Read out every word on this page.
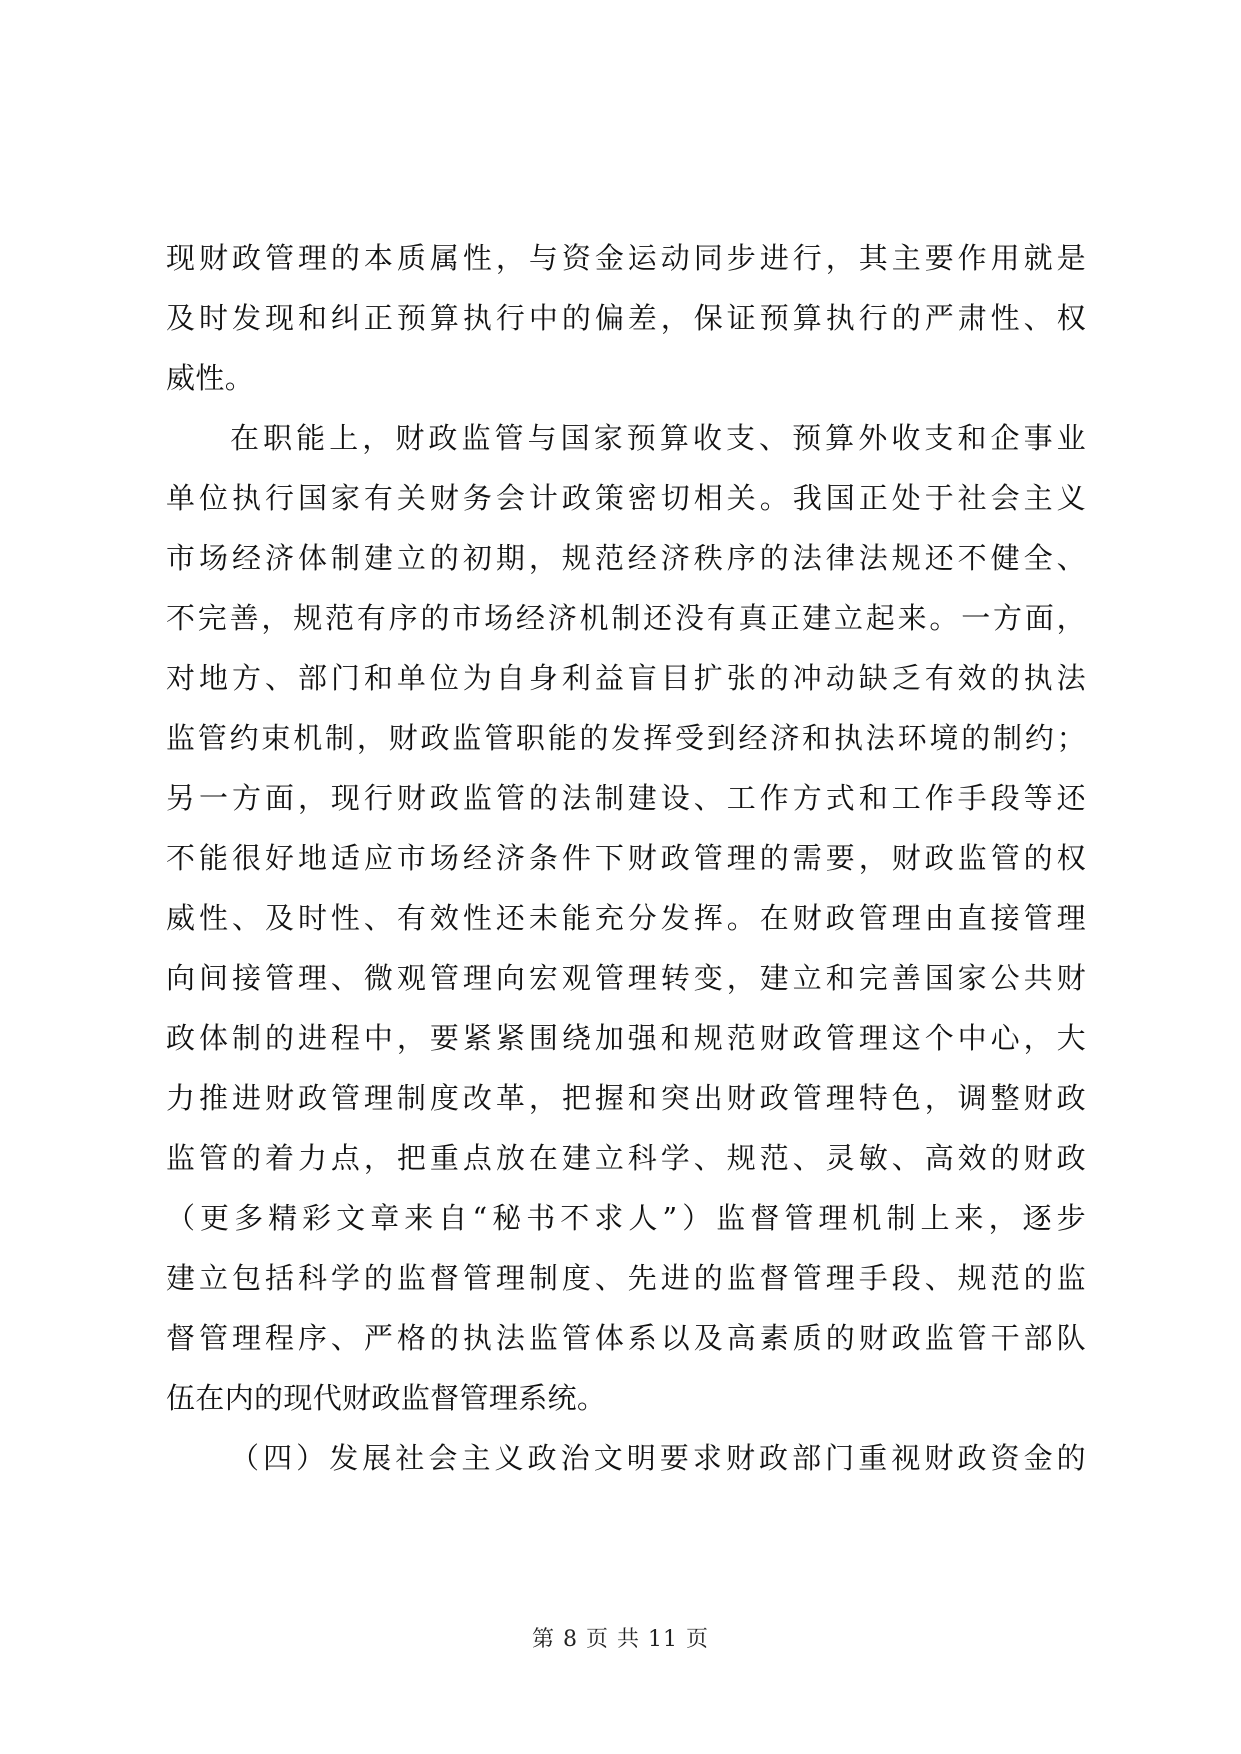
现财政管理的本质属性，与资金运动同步进行，其主要作用就是
及时发现和纠正预算执行中的偏差，保证预算执行的严肃性、权
威性。
在职能上，财政监管与国家预算收支、预算外收支和企事业
单位执行国家有关财务会计政策密切相关。我国正处于社会主义
市场经济体制建立的初期，规范经济秩序的法律法规还不健全、
不完善，规范有序的市场经济机制还没有真正建立起来。一方面，
对地方、部门和单位为自身利益盲目扩张的冲动缺乏有效的执法
监管约束机制，财政监管职能的发挥受到经济和执法环境的制约；
另一方面，现行财政监管的法制建设、工作方式和工作手段等还
不能很好地适应市场经济条件下财政管理的需要，财政监管的权
威性、及时性、有效性还未能充分发挥。在财政管理由直接管理
向间接管理、微观管理向宏观管理转变，建立和完善国家公共财
政体制的进程中，要紧紧围绕加强和规范财政管理这个中心，大
力推进财政管理制度改革，把握和突出财政管理特色，调整财政
监管的着力点，把重点放在建立科学、规范、灵敏、高效的财政
（更多精彩文章来自“秘书不求人”）监督管理机制上来，逐步
建立包括科学的监督管理制度、先进的监督管理手段、规范的监
督管理程序、严格的执法监管体系以及高素质的财政监管干部队
伍在内的现代财政监督管理系统。
（四）发展社会主义政治文明要求财政部门重视财政资金的
第 8 页 共 11 页
